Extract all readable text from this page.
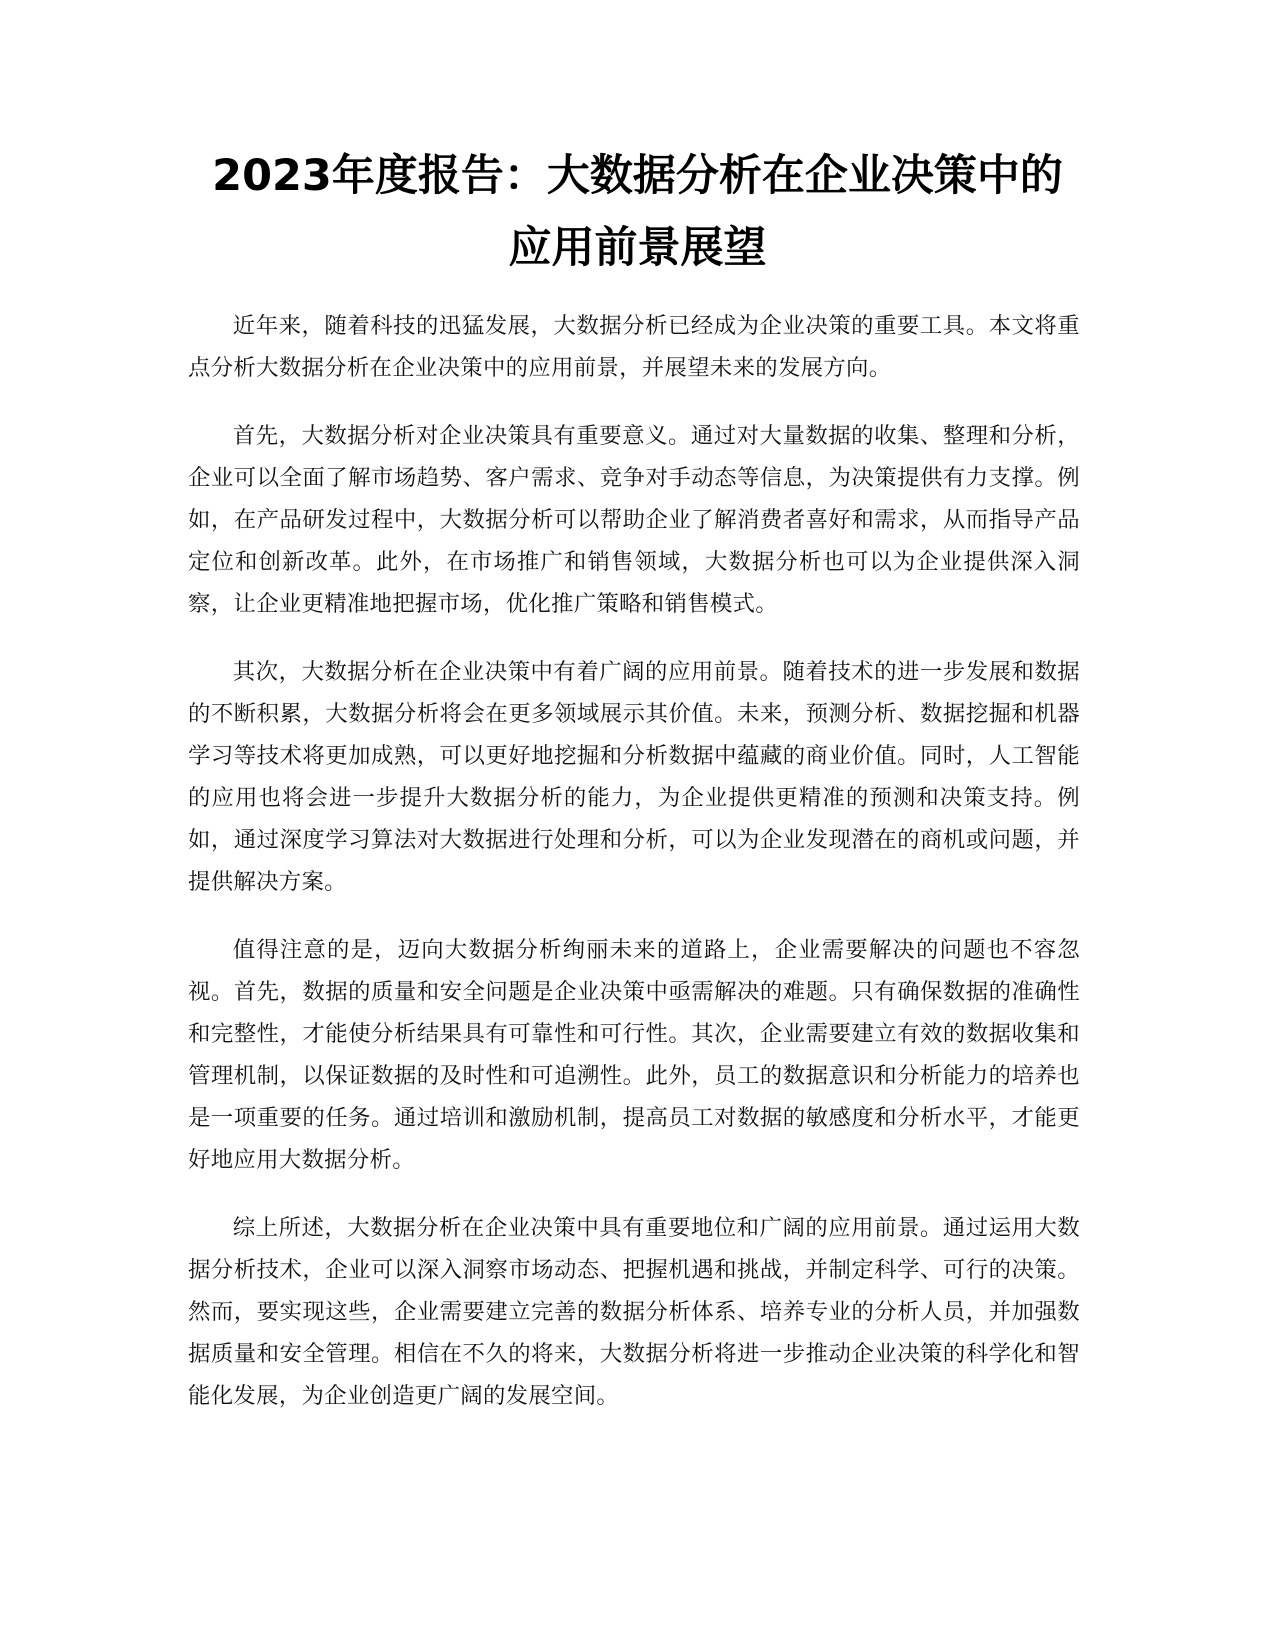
2023年度报告：大数据分析在企业决策中的
应用前景展望

近年来，随着科技的迅猛发展，大数据分析已经成为企业决策的重要工具。本文将重点分析大数据分析在企业决策中的应用前景，并展望未来的发展方向。

首先，大数据分析对企业决策具有重要意义。通过对大量数据的收集、整理和分析，企业可以全面了解市场趋势、客户需求、竞争对手动态等信息，为决策提供有力支撑。例如，在产品研发过程中，大数据分析可以帮助企业了解消费者喜好和需求，从而指导产品定位和创新改革。此外，在市场推广和销售领域，大数据分析也可以为企业提供深入洞察，让企业更精准地把握市场，优化推广策略和销售模式。

其次，大数据分析在企业决策中有着广阔的应用前景。随着技术的进一步发展和数据的不断积累，大数据分析将会在更多领域展示其价值。未来，预测分析、数据挖掘和机器学习等技术将更加成熟，可以更好地挖掘和分析数据中蕴藏的商业价值。同时，人工智能的应用也将会进一步提升大数据分析的能力，为企业提供更精准的预测和决策支持。例如，通过深度学习算法对大数据进行处理和分析，可以为企业发现潜在的商机或问题，并提供解决方案。

值得注意的是，迈向大数据分析绚丽未来的道路上，企业需要解决的问题也不容忽视。首先，数据的质量和安全问题是企业决策中亟需解决的难题。只有确保数据的准确性和完整性，才能使分析结果具有可靠性和可行性。其次，企业需要建立有效的数据收集和管理机制，以保证数据的及时性和可追溯性。此外，员工的数据意识和分析能力的培养也是一项重要的任务。通过培训和激励机制，提高员工对数据的敏感度和分析水平，才能更好地应用大数据分析。

综上所述，大数据分析在企业决策中具有重要地位和广阔的应用前景。通过运用大数据分析技术，企业可以深入洞察市场动态、把握机遇和挑战，并制定科学、可行的决策。然而，要实现这些，企业需要建立完善的数据分析体系、培养专业的分析人员，并加强数据质量和安全管理。相信在不久的将来，大数据分析将进一步推动企业决策的科学化和智能化发展，为企业创造更广阔的发展空间。
